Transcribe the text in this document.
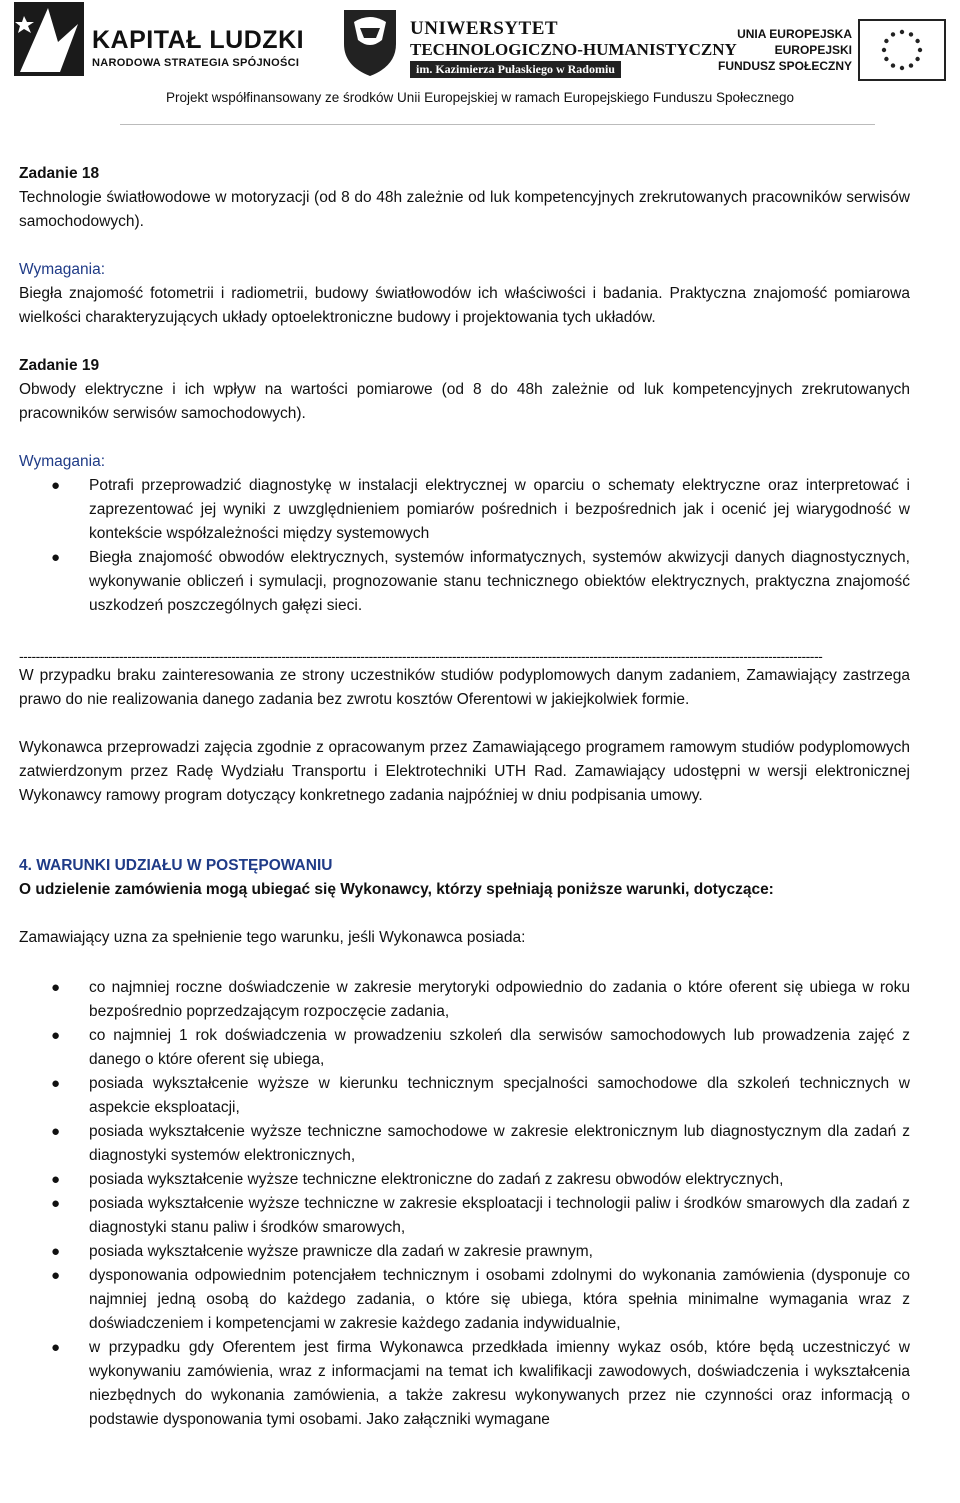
KAPITAŁ LUDZKI
NARODOWA STRATEGIA SPÓJNOŚCI
UNIWERSYTET
TECHNOLOGICZNO-HUMANISTYCZNY
im. Kazimierza Pułaskiego w Radomiu
UNIA EUROPEJSKA
EUROPEJSKI
FUNDUSZ SPOŁECZNY
Projekt współfinansowany ze środków Unii Europejskiej w ramach Europejskiego Funduszu Społecznego

Zadanie 18

Technologie światłowodowe w motoryzacji (od 8 do 48h zależnie od luk kompetencyjnych zrekrutowanych pracowników serwisów samochodowych).

Wymagania:

Biegła znajomość fotometrii i radiometrii, budowy światłowodów ich właściwości i badania. Praktyczna znajomość pomiarowa wielkości charakteryzujących układy optoelektroniczne budowy i projektowania tych układów.

Zadanie 19

Obwody elektryczne i ich wpływ na wartości pomiarowe (od 8 do 48h zależnie od luk kompetencyjnych zrekrutowanych pracowników serwisów samochodowych).

Wymagania:

● Potrafi przeprowadzić diagnostykę w instalacji elektrycznej w oparciu o schematy elektryczne oraz interpretować i zaprezentować jej wyniki z uwzględnieniem pomiarów pośrednich i bezpośrednich jak i ocenić jej wiarygodność w kontekście współzależności między systemowych
● Biegła znajomość obwodów elektrycznych, systemów informatycznych, systemów akwizycji danych diagnostycznych, wykonywanie obliczeń i symulacji, prognozowanie stanu technicznego obiektów elektrycznych, praktyczna znajomość uszkodzeń poszczególnych gałęzi sieci.
-------------------------------------------------------------------------------------------------------------------------------------------------------------------------------------------------

W przypadku braku zainteresowania ze strony uczestników studiów podyplomowych danym zadaniem, Zamawiający zastrzega prawo do nie realizowania danego zadania bez zwrotu kosztów Oferentowi w jakiejkolwiek formie.

Wykonawca przeprowadzi zajęcia zgodnie z opracowanym przez Zamawiającego programem ramowym studiów podyplomowych zatwierdzonym przez Radę Wydziału Transportu i Elektrotechniki UTH Rad. Zamawiający udostępni w wersji elektronicznej Wykonawcy ramowy program dotyczący konkretnego zadania najpóźniej w dniu podpisania umowy.

4. WARUNKI UDZIAŁU W POSTĘPOWANIU

O udzielenie zamówienia mogą ubiegać się Wykonawcy, którzy spełniają poniższe warunki, dotyczące:

Zamawiający uzna za spełnienie tego warunku, jeśli Wykonawca posiada:

● co najmniej roczne doświadczenie w zakresie merytoryki odpowiednio do zadania o które oferent się ubiega w roku bezpośrednio poprzedzającym rozpoczęcie zadania,
● co najmniej 1 rok doświadczenia w prowadzeniu szkoleń dla serwisów samochodowych lub prowadzenia zajęć z danego o które oferent się ubiega,
● posiada wykształcenie wyższe w kierunku technicznym specjalności samochodowe dla szkoleń technicznych w aspekcie eksploatacji,
● posiada wykształcenie wyższe techniczne samochodowe w zakresie elektronicznym lub diagnostycznym dla zadań z diagnostyki systemów elektronicznych,
● posiada wykształcenie wyższe techniczne elektroniczne do zadań z zakresu obwodów elektrycznych,
● posiada wykształcenie wyższe techniczne w zakresie eksploatacji i technologii paliw i środków smarowych dla zadań z diagnostyki stanu paliw i środków smarowych,
● posiada wykształcenie wyższe prawnicze dla zadań w zakresie prawnym,
● dysponowania odpowiednim potencjałem technicznym i osobami zdolnymi do wykonania zamówienia (dysponuje co najmniej jedną osobą do każdego zadania, o które się ubiega, która spełnia minimalne wymagania wraz z doświadczeniem i kompetencjami w zakresie każdego zadania indywidualnie,
● w przypadku gdy Oferentem jest firma Wykonawca przedkłada imienny wykaz osób, które będą uczestniczyć w wykonywaniu zamówienia, wraz z informacjami na temat ich kwalifikacji zawodowych, doświadczenia i wykształcenia niezbędnych do wykonania zamówienia, a także zakresu wykonywanych przez nie czynności oraz informacją o podstawie dysponowania tymi osobami. Jako załączniki wymagane
